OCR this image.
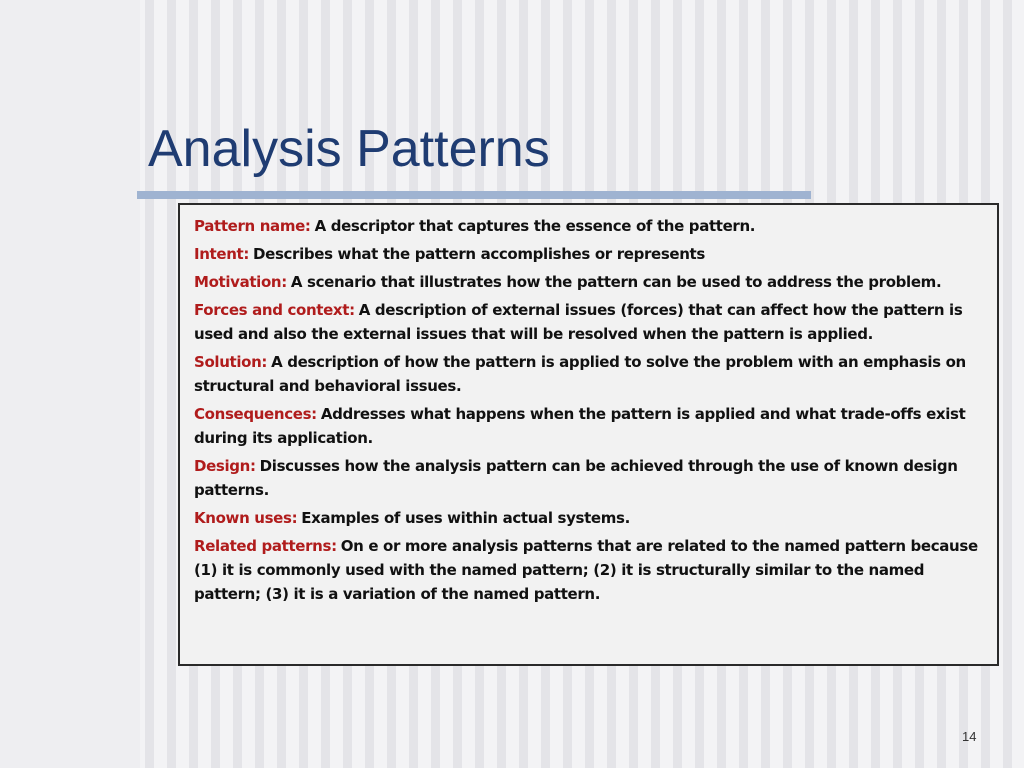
Analysis Patterns
Pattern name: A descriptor that captures the essence of the pattern.
Intent: Describes what the pattern accomplishes or represents
Motivation: A scenario that illustrates how the pattern can be used to address the problem.
Forces and context: A description of external issues (forces) that can affect how the pattern is used and also the external issues that will be resolved when the pattern is applied.
Solution: A description of how the pattern is applied to solve the problem with an emphasis on structural and behavioral issues.
Consequences: Addresses what happens when the pattern is applied and what trade-offs exist during its application.
Design: Discusses how the analysis pattern can be achieved through the use of known design patterns.
Known uses: Examples of uses within actual systems.
Related patterns: On e or more analysis patterns that are related to the named pattern because (1) it is commonly used with the named pattern; (2) it is structurally similar to the named pattern; (3) it is a variation of the named pattern.
14
